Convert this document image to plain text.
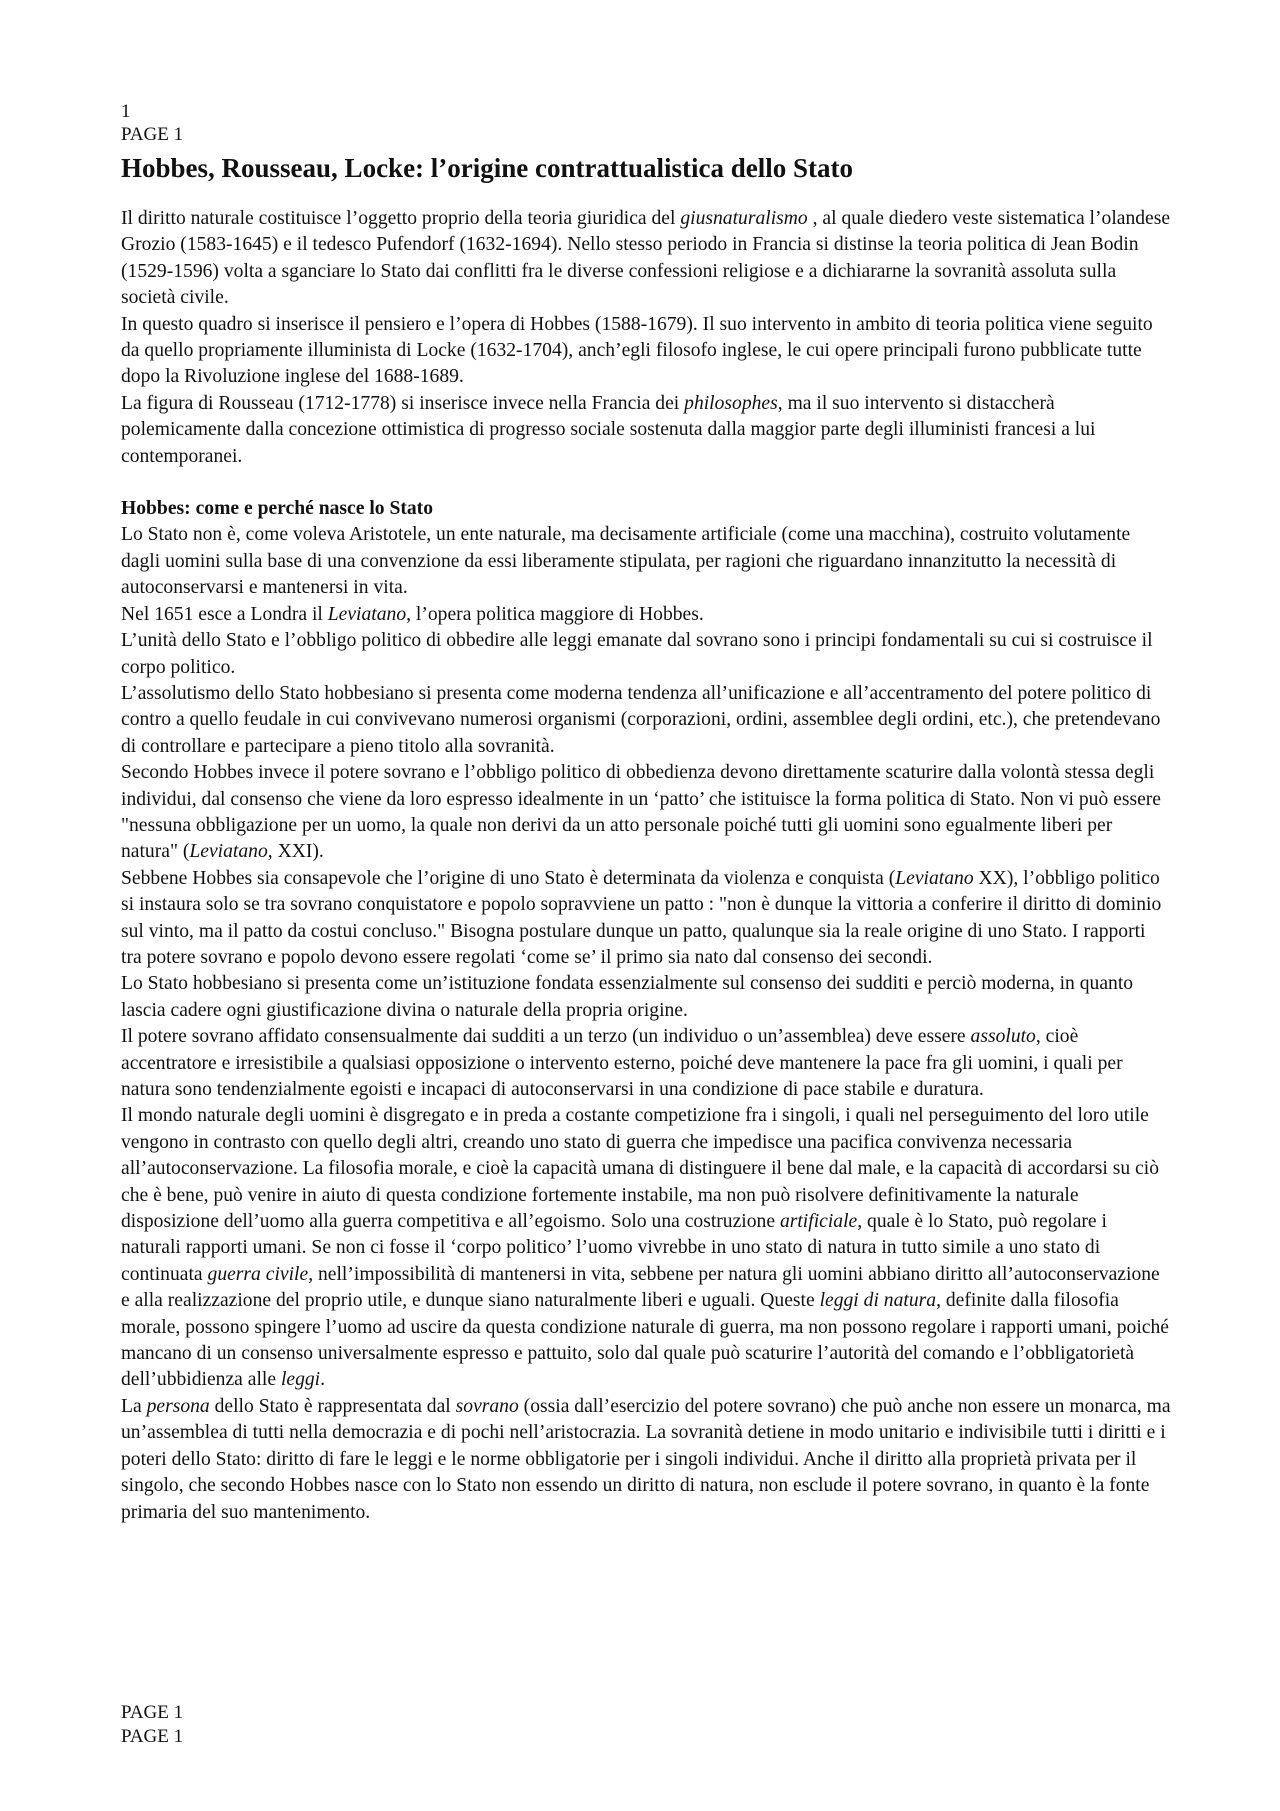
1
PAGE 1
Hobbes, Rousseau, Locke: l’origine contrattualistica dello Stato

Il diritto naturale costituisce l’oggetto proprio della teoria giuridica del giusnaturalismo , al quale diedero veste sistematica l’olandese Grozio (1583-1645) e il tedesco Pufendorf (1632-1694). Nello stesso periodo in Francia si distinse la teoria politica di Jean Bodin (1529-1596) volta a sganciare lo Stato dai conflitti fra le diverse confessioni religiose e a dichiararne la sovranità assoluta sulla società civile.

In questo quadro si inserisce il pensiero e l’opera di Hobbes (1588-1679). Il suo intervento in ambito di teoria politica viene seguito da quello propriamente illuminista di Locke (1632-1704), anch’egli filosofo inglese, le cui opere principali furono pubblicate tutte dopo la Rivoluzione inglese del 1688-1689.

La figura di Rousseau (1712-1778) si inserisce invece nella Francia dei philosophes, ma il suo intervento si distaccherà polemicamente dalla concezione ottimistica di progresso sociale sostenuta dalla maggior parte degli illuministi francesi a lui contemporanei.

Hobbes: come e perché nasce lo Stato

Lo Stato non è, come voleva Aristotele, un ente naturale, ma decisamente artificiale (come una macchina), costruito volutamente dagli uomini sulla base di una convenzione da essi liberamente stipulata, per ragioni che riguardano innanzitutto la necessità di autoconservarsi e mantenersi in vita.

Nel 1651 esce a Londra il Leviatano, l’opera politica maggiore di Hobbes.

L’unità dello Stato e l’obbligo politico di obbedire alle leggi emanate dal sovrano sono i principi fondamentali su cui si costruisce il corpo politico.

L’assolutismo dello Stato hobbesiano si presenta come moderna tendenza all’unificazione e all’accentramento del potere politico di contro a quello feudale in cui convivevano numerosi organismi (corporazioni, ordini, assemblee degli ordini, etc.), che pretendevano di controllare e partecipare a pieno titolo alla sovranità.

Secondo Hobbes invece il potere sovrano e l’obbligo politico di obbedienza devono direttamente scaturire dalla volontà stessa degli individui, dal consenso che viene da loro espresso idealmente in un ‘patto’ che istituisce la forma politica di Stato. Non vi può essere "nessuna obbligazione per un uomo, la quale non derivi da un atto personale poiché tutti gli uomini sono egualmente liberi per natura" (Leviatano, XXI).

Sebbene Hobbes sia consapevole che l’origine di uno Stato è determinata da violenza e conquista (Leviatano XX), l’obbligo politico si instaura solo se tra sovrano conquistatore e popolo sopravviene un patto : "non è dunque la vittoria a conferire il diritto di dominio sul vinto, ma il patto da costui concluso." Bisogna postulare dunque un patto, qualunque sia la reale origine di uno Stato. I rapporti tra potere sovrano e popolo devono essere regolati ‘come se’ il primo sia nato dal consenso dei secondi.

Lo Stato hobbesiano si presenta come un’istituzione fondata essenzialmente sul consenso dei sudditi e perciò moderna, in quanto lascia cadere ogni giustificazione divina o naturale della propria origine.

Il potere sovrano affidato consensualmente dai sudditi a un terzo (un individuo o un’assemblea) deve essere assoluto, cioè accentratore e irresistibile a qualsiasi opposizione o intervento esterno, poiché deve mantenere la pace fra gli uomini, i quali per natura sono tendenzialmente egoisti e incapaci di autoconservarsi in una condizione di pace stabile e duratura.

Il mondo naturale degli uomini è disgregato e in preda a costante competizione fra i singoli, i quali nel perseguimento del loro utile vengono in contrasto con quello degli altri, creando uno stato di guerra che impedisce una pacifica convivenza necessaria all’autoconservazione. La filosofia morale, e cioè la capacità umana di distinguere il bene dal male, e la capacità di accordarsi su ciò che è bene, può venire in aiuto di questa condizione fortemente instabile, ma non può risolvere definitivamente la naturale disposizione dell’uomo alla guerra competitiva e all’egoismo. Solo una costruzione artificiale, quale è lo Stato, può regolare i naturali rapporti umani. Se non ci fosse il ‘corpo politico’ l’uomo vivrebbe in uno stato di natura in tutto simile a uno stato di continuata guerra civile, nell’impossibilità di mantenersi in vita, sebbene per natura gli uomini abbiano diritto all’autoconservazione e alla realizzazione del proprio utile, e dunque siano naturalmente liberi e uguali. Queste leggi di natura, definite dalla filosofia morale, possono spingere l’uomo ad uscire da questa condizione naturale di guerra, ma non possono regolare i rapporti umani, poiché mancano di un consenso universalmente espresso e pattuito, solo dal quale può scaturire l’autorità del comando e l’obbligatorietà dell’ubbidienza alle leggi.

La persona dello Stato è rappresentata dal sovrano (ossia dall’esercizio del potere sovrano) che può anche non essere un monarca, ma un’assemblea di tutti nella democrazia e di pochi nell’aristocrazia. La sovranità detiene in modo unitario e indivisibile tutti i diritti e i poteri dello Stato: diritto di fare le leggi e le norme obbligatorie per i singoli individui. Anche il diritto alla proprietà privata per il singolo, che secondo Hobbes nasce con lo Stato non essendo un diritto di natura, non esclude il potere sovrano, in quanto è la fonte primaria del suo mantenimento.

PAGE 1
PAGE 1
